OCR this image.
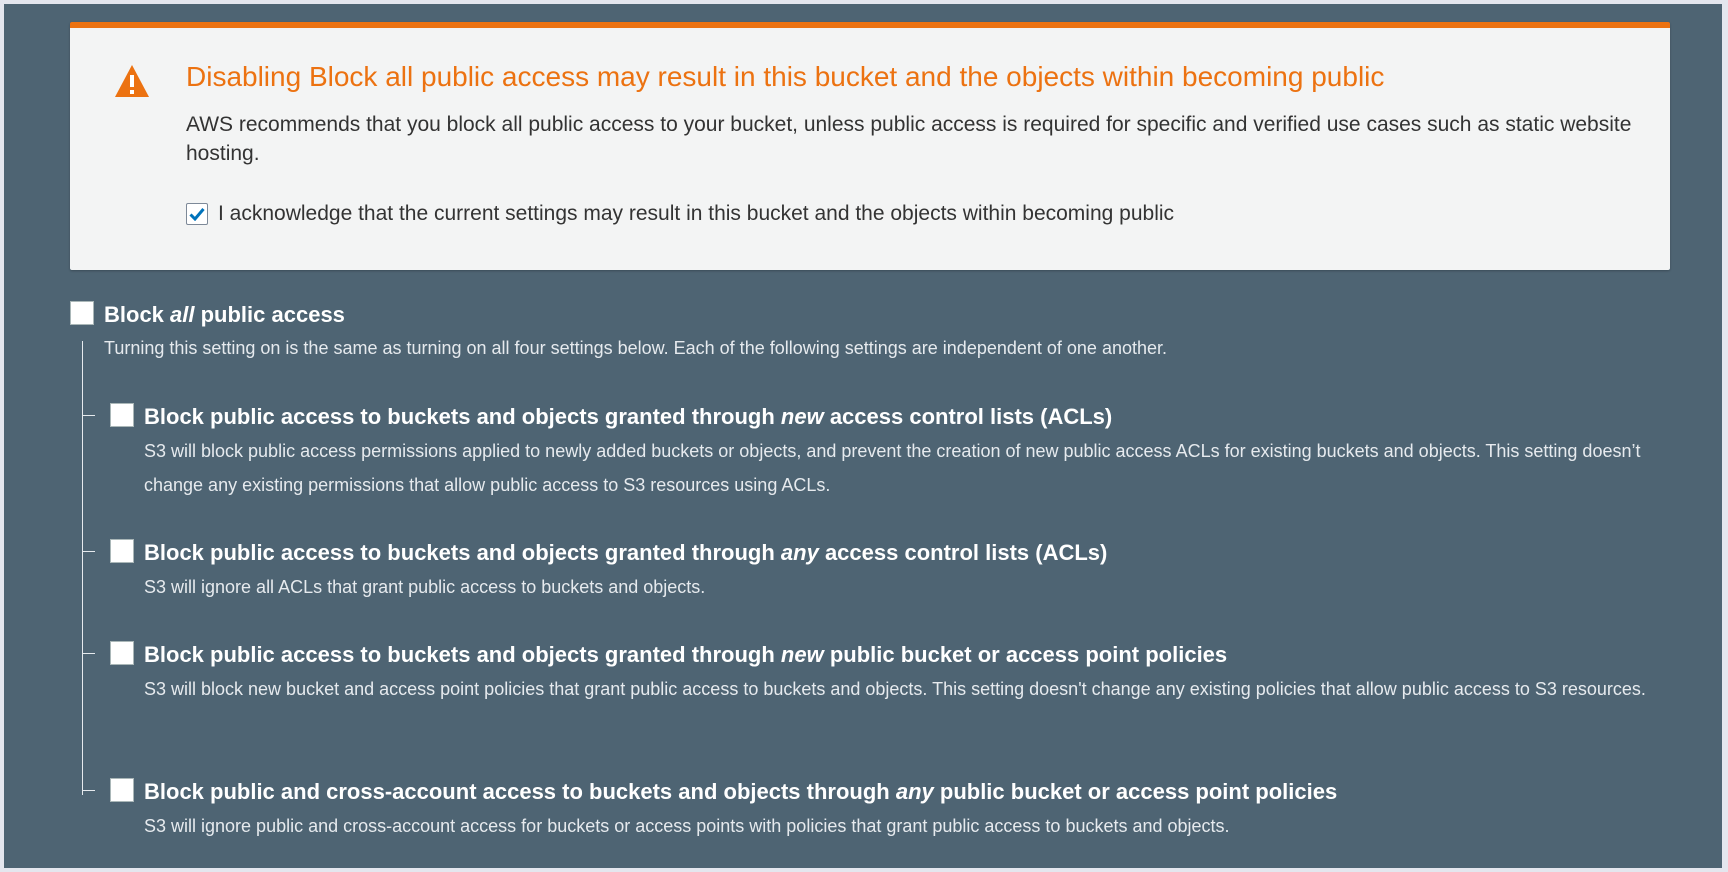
Disabling Block all public access may result in this bucket and the objects within becoming public
AWS recommends that you block all public access to your bucket, unless public access is required for specific and verified use cases such as static website hosting.
I acknowledge that the current settings may result in this bucket and the objects within becoming public
Block all public access
Turning this setting on is the same as turning on all four settings below. Each of the following settings are independent of one another.
Block public access to buckets and objects granted through new access control lists (ACLs)
S3 will block public access permissions applied to newly added buckets or objects, and prevent the creation of new public access ACLs for existing buckets and objects. This setting doesn’t change any existing permissions that allow public access to S3 resources using ACLs.
Block public access to buckets and objects granted through any access control lists (ACLs)
S3 will ignore all ACLs that grant public access to buckets and objects.
Block public access to buckets and objects granted through new public bucket or access point policies
S3 will block new bucket and access point policies that grant public access to buckets and objects. This setting doesn't change any existing policies that allow public access to S3 resources.
Block public and cross-account access to buckets and objects through any public bucket or access point policies
S3 will ignore public and cross-account access for buckets or access points with policies that grant public access to buckets and objects.
